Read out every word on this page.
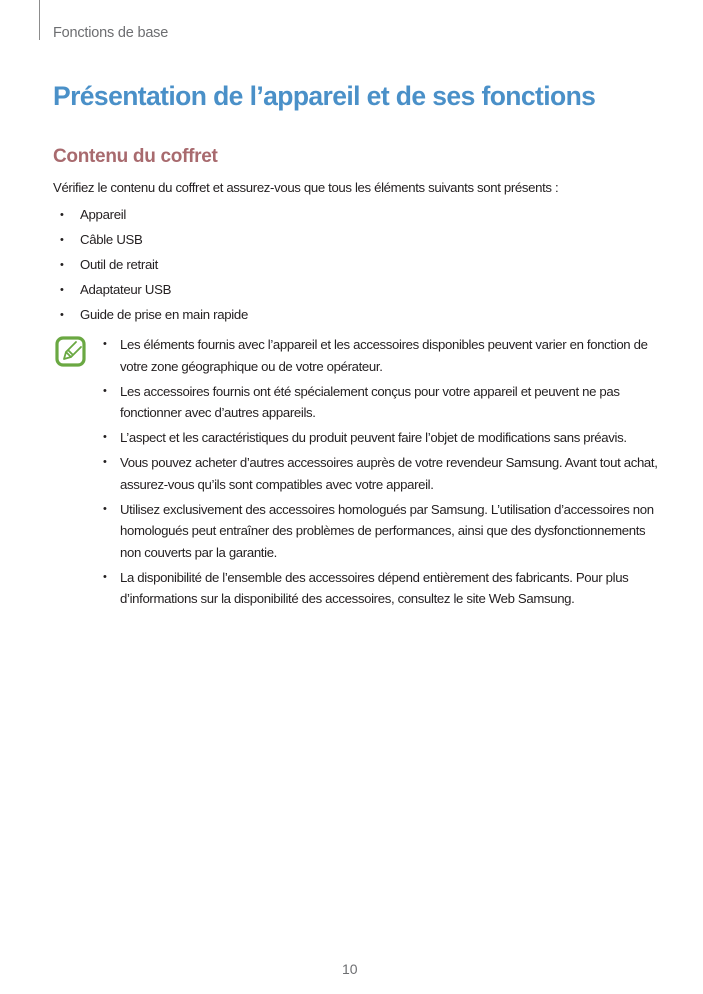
Fonctions de base
Présentation de l’appareil et de ses fonctions
Contenu du coffret

Vérifiez le contenu du coffret et assurez-vous que tous les éléments suivants sont présents :

• Appareil
• Câble USB
• Outil de retrait
• Adaptateur USB
• Guide de prise en main rapide
• Les éléments fournis avec l’appareil et les accessoires disponibles peuvent varier en fonction de votre zone géographique ou de votre opérateur.
• Les accessoires fournis ont été spécialement conçus pour votre appareil et peuvent ne pas fonctionner avec d’autres appareils.
• L’aspect et les caractéristiques du produit peuvent faire l’objet de modifications sans préavis.
• Vous pouvez acheter d’autres accessoires auprès de votre revendeur Samsung. Avant tout achat, assurez-vous qu’ils sont compatibles avec votre appareil.
• Utilisez exclusivement des accessoires homologués par Samsung. L’utilisation d’accessoires non homologués peut entraîner des problèmes de performances, ainsi que des dysfonctionnements non couverts par la garantie.
• La disponibilité de l’ensemble des accessoires dépend entièrement des fabricants. Pour plus d’informations sur la disponibilité des accessoires, consultez le site Web Samsung.
10
